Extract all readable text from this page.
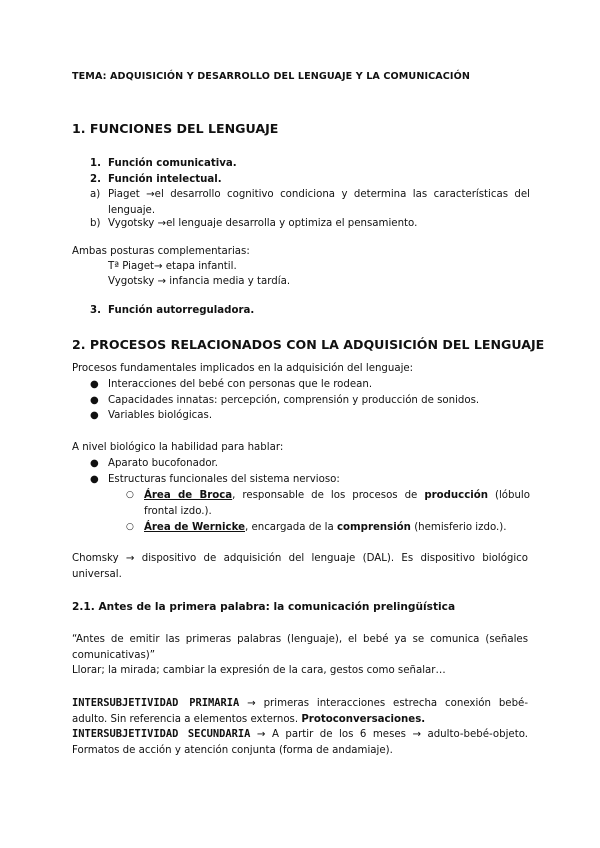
TEMA: ADQUISICIÓN Y DESARROLLO DEL LENGUAJE Y LA COMUNICACIÓN
1. FUNCIONES DEL LENGUAJE
1. Función comunicativa.
2. Función intelectual.
a) Piaget →el desarrollo cognitivo condiciona y determina las características del lenguaje.
b) Vygotsky →el lenguaje desarrolla y optimiza el pensamiento.
Ambas posturas complementarias:
Tª Piaget→ etapa infantil.
Vygotsky → infancia media y tardía.
3. Función autorreguladora.
2. PROCESOS RELACIONADOS CON LA ADQUISICIÓN DEL LENGUAJE
Procesos fundamentales implicados en la adquisición del lenguaje:
● Interacciones del bebé con personas que le rodean.
● Capacidades innatas: percepción, comprensión y producción de sonidos.
● Variables biológicas.
A nivel biológico la habilidad para hablar:
● Aparato bucofonador.
● Estructuras funcionales del sistema nervioso:
○ Área de Broca, responsable de los procesos de producción (lóbulo frontal izdo.).
○ Área de Wernicke, encargada de la comprensión (hemisferio izdo.).
Chomsky → dispositivo de adquisición del lenguaje (DAL). Es dispositivo biológico universal.
2.1. Antes de la primera palabra: la comunicación prelingüística
“Antes de emitir las primeras palabras (lenguaje), el bebé ya se comunica (señales comunicativas)”
Llorar; la mirada; cambiar la expresión de la cara, gestos como señalar…
INTERSUBJETIVIDAD PRIMARIA → primeras interacciones estrecha conexión bebé-adulto. Sin referencia a elementos externos. Protoconversaciones.
INTERSUBJETIVIDAD SECUNDARIA → A partir de los 6 meses → adulto-bebé-objeto. Formatos de acción y atención conjunta (forma de andamiaje).
